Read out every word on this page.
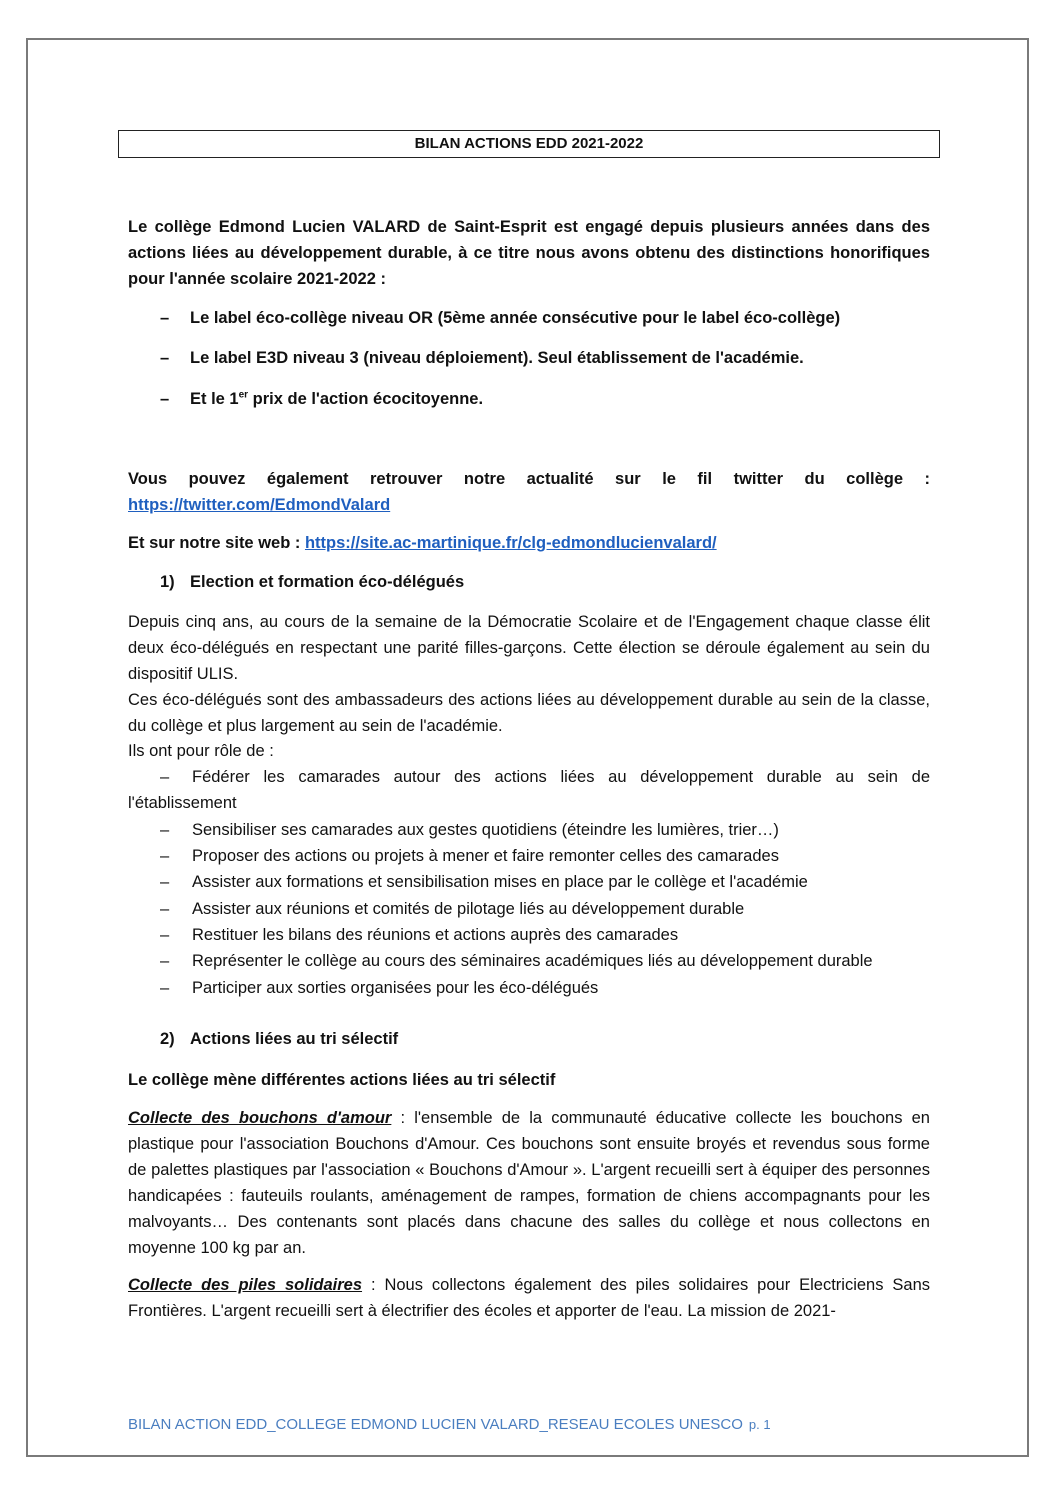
BILAN ACTIONS EDD 2021-2022

Le collège Edmond Lucien VALARD de Saint-Esprit est engagé depuis plusieurs années dans des actions liées au développement durable, à ce titre nous avons obtenu des distinctions honorifiques pour l'année scolaire 2021-2022 :

– Le label éco-collège niveau OR (5ème année consécutive pour le label éco-collège)
– Le label E3D niveau 3 (niveau déploiement). Seul établissement de l'académie.
– Et le 1er prix de l'action écocitoyenne.

Vous pouvez également retrouver notre actualité sur le fil twitter du collège :

https://twitter.com/EdmondValard

Et sur notre site web : https://site.ac-martinique.fr/clg-edmondlucienvalard/

1) Election et formation éco-délégués

Depuis cinq ans, au cours de la semaine de la Démocratie Scolaire et de l'Engagement chaque classe élit deux éco-délégués en respectant une parité filles-garçons. Cette élection se déroule également au sein du dispositif ULIS.

Ces éco-délégués sont des ambassadeurs des actions liées au développement durable au sein de la classe, du collège et plus largement au sein de l'académie.

Ils ont pour rôle de :

– Fédérer les camarades autour des actions liées au développement durable au sein de
l'établissement
– Sensibiliser ses camarades aux gestes quotidiens (éteindre les lumières, trier…)
– Proposer des actions ou projets à mener et faire remonter celles des camarades
– Assister aux formations et sensibilisation mises en place par le collège et l'académie
– Assister aux réunions et comités de pilotage liés au développement durable
– Restituer les bilans des réunions et actions auprès des camarades
– Représenter le collège au cours des séminaires académiques liés au développement durable
– Participer aux sorties organisées pour les éco-délégués
2) Actions liées au tri sélectif

Le collège mène différentes actions liées au tri sélectif

Collecte des bouchons d'amour : l'ensemble de la communauté éducative collecte les bouchons en plastique pour l'association Bouchons d'Amour. Ces bouchons sont ensuite broyés et revendus sous forme de palettes plastiques par l'association « Bouchons d'Amour ». L'argent recueilli sert à équiper des personnes handicapées : fauteuils roulants, aménagement de rampes, formation de chiens accompagnants pour les malvoyants… Des contenants sont placés dans chacune des salles du collège et nous collectons en moyenne 100 kg par an.

Collecte des piles solidaires : Nous collectons également des piles solidaires pour Electriciens Sans Frontières. L'argent recueilli sert à électrifier des écoles et apporter de l'eau. La mission de 2021-

BILAN ACTION EDD_COLLEGE EDMOND LUCIEN VALARD_RESEAU ECOLES UNESCO p. 1
